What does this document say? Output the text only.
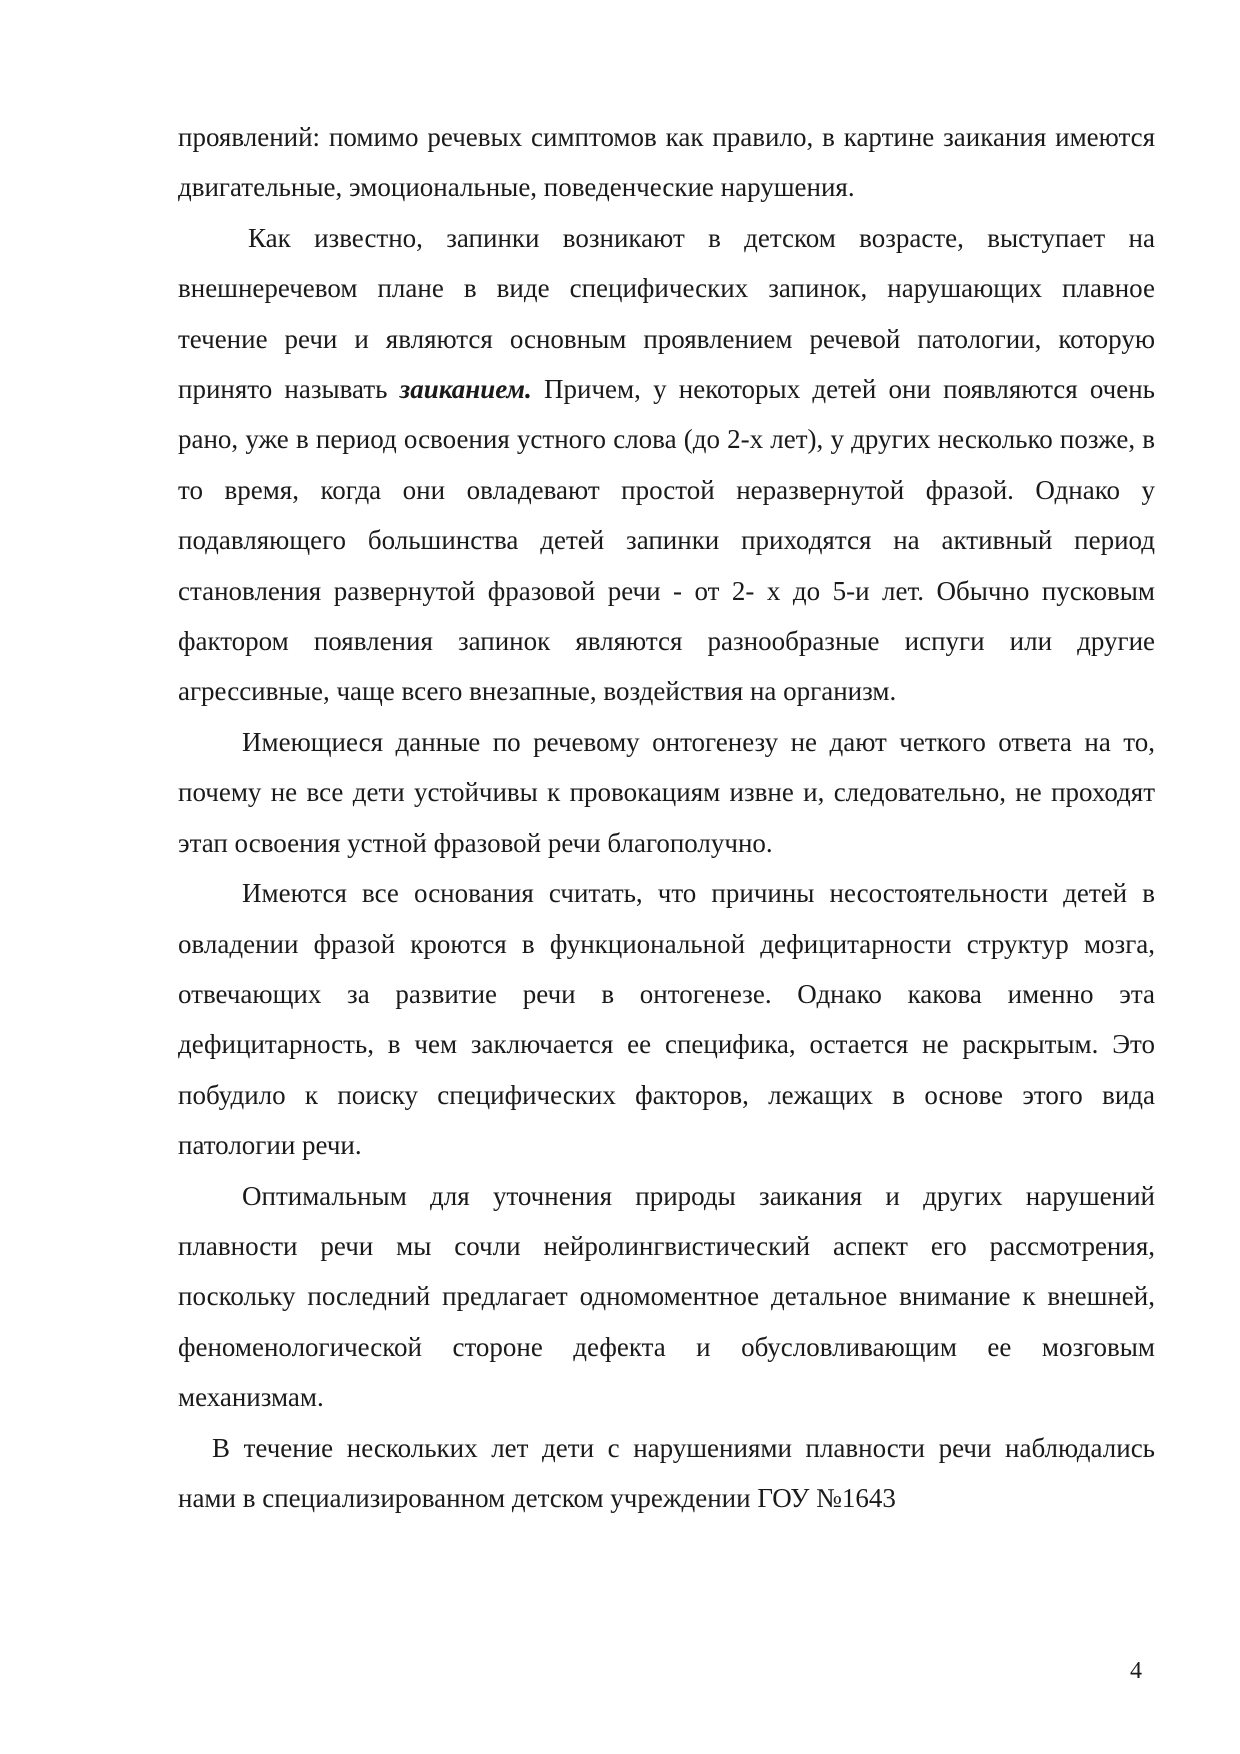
проявлений: помимо речевых симптомов как правило, в картине заикания имеются двигательные, эмоциональные, поведенческие нарушения.

Как известно, запинки возникают в детском возрасте, выступает на внешнеречевом плане в виде специфических запинок, нарушающих плавное течение речи и являются основным проявлением речевой патологии, которую принято называть заиканием. Причем, у некоторых детей они появляются очень рано, уже в период освоения устного слова (до 2-х лет), у других несколько позже, в то время, когда они овладевают простой неразвернутой фразой. Однако у подавляющего большинства детей запинки приходятся на активный период становления развернутой фразовой речи - от 2- х до 5-и лет. Обычно пусковым фактором появления запинок являются разнообразные испуги или другие агрессивные, чаще всего внезапные, воздействия на организм.

Имеющиеся данные по речевому онтогенезу не дают четкого ответа на то, почему не все дети устойчивы к провокациям извне и, следовательно, не проходят этап освоения устной фразовой речи благополучно.

Имеются все основания считать, что причины несостоятельности детей в овладении фразой кроются в функциональной дефицитарности структур мозга, отвечающих за развитие речи в онтогенезе. Однако какова именно эта дефицитарность, в чем заключается ее специфика, остается не раскрытым. Это побудило к поиску специфических факторов, лежащих в основе этого вида патологии речи.

Оптимальным для уточнения природы заикания и других нарушений плавности речи мы сочли нейролингвистический аспект его рассмотрения, поскольку последний предлагает одномоментное детальное внимание к внешней, феноменологической стороне дефекта и обусловливающим ее мозговым механизмам.

В течение нескольких лет дети с нарушениями плавности речи наблюдались нами в специализированном детском учреждении ГОУ №1643

4
